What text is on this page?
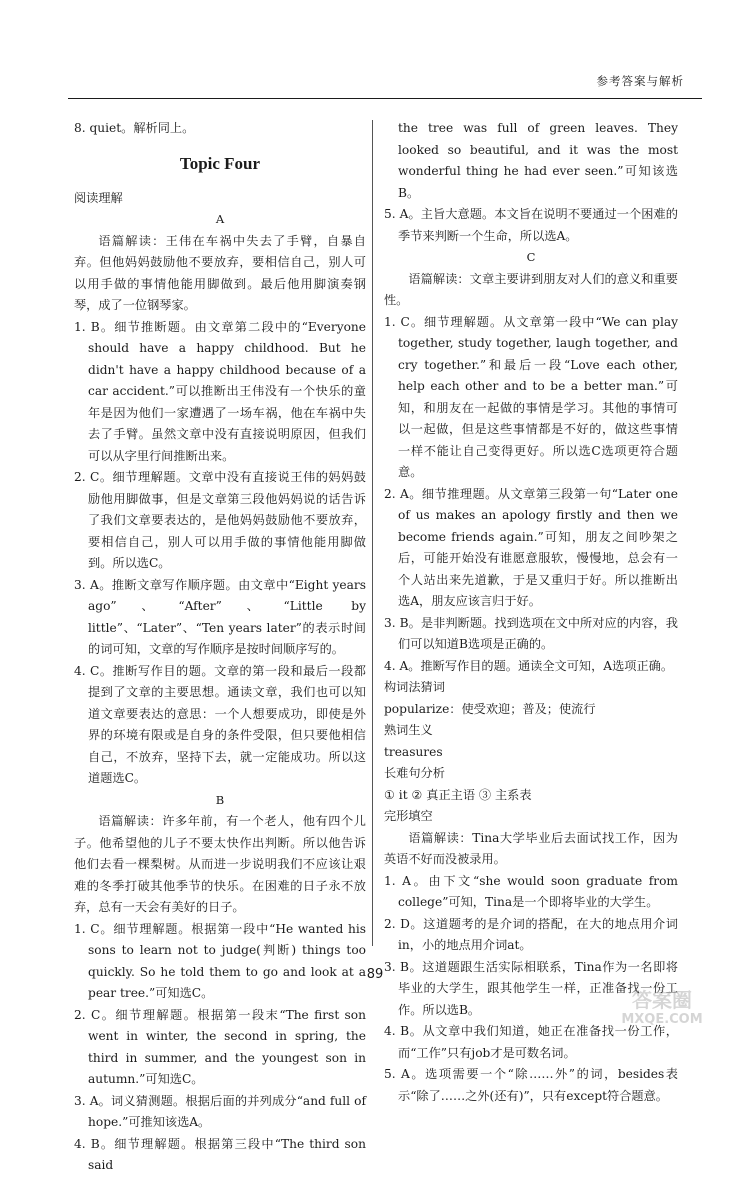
参考答案与解析

8. quiet。解析同上。

Topic Four

阅读理解

A

语篇解读：王伟在车祸中失去了手臂，自暴自弃。但他妈妈鼓励他不要放弃，要相信自己，别人可以用手做的事情他能用脚做到。最后他用脚演奏钢琴，成了一位钢琴家。

1. B。细节推断题。由文章第二段中的“Everyone should have a happy childhood. But he didn't have a happy childhood because of a car accident.”可以推断出王伟没有一个快乐的童年是因为他们一家遭遇了一场车祸，他在车祸中失去了手臂。虽然文章中没有直接说明原因，但我们可以从字里行间推断出来。

2. C。细节理解题。文章中没有直接说王伟的妈妈鼓励他用脚做事，但是文章第三段他妈妈说的话告诉了我们文章要表达的，是他妈妈鼓励他不要放弃，要相信自己，别人可以用手做的事情他能用脚做到。所以选C。

3. A。推断文章写作顺序题。由文章中“Eight years ago”、“After”、“Little by little”、“Later”、“Ten years later”的表示时间的词可知，文章的写作顺序是按时间顺序写的。

4. C。推断写作目的题。文章的第一段和最后一段都提到了文章的主要思想。通读文章，我们也可以知道文章要表达的意思：一个人想要成功，即使是外界的环境有限或是自身的条件受限，但只要他相信自己，不放弃，坚持下去，就一定能成功。所以这道题选C。

B

语篇解读：许多年前，有一个老人，他有四个儿子。他希望他的儿子不要太快作出判断。所以他告诉他们去看一棵梨树。从而进一步说明我们不应该让艰难的冬季打破其他季节的快乐。在困难的日子永不放弃，总有一天会有美好的日子。

1. C。细节理解题。根据第一段中“He wanted his sons to learn not to judge(判断) things too quickly. So he told them to go and look at a pear tree.”可知选C。

2. C。细节理解题。根据第一段末“The first son went in winter, the second in spring, the third in summer, and the youngest son in autumn.”可知选C。

3. A。词义猜测题。根据后面的并列成分“and full of hope.”可推知该选A。

4. B。细节理解题。根据第三段中“The third son said

the tree was full of green leaves. They looked so beautiful, and it was the most wonderful thing he had ever seen.”可知该选B。

5. A。主旨大意题。本文旨在说明不要通过一个困难的季节来判断一个生命，所以选A。

C

语篇解读：文章主要讲到朋友对人们的意义和重要性。

1. C。细节理解题。从文章第一段中“We can play together, study together, laugh together, and cry together.”和最后一段“Love each other, help each other and to be a better man.”可知，和朋友在一起做的事情是学习。其他的事情可以一起做，但是这些事情都是不好的，做这些事情一样不能让自己变得更好。所以选C选项更符合题意。

2. A。细节推理题。从文章第三段第一句“Later one of us makes an apology firstly and then we become friends again.”可知，朋友之间吵架之后，可能开始没有谁愿意服软，慢慢地，总会有一个人站出来先道歉，于是又重归于好。所以推断出选A，朋友应该言归于好。

3. B。是非判断题。找到选项在文中所对应的内容，我们可以知道B选项是正确的。

4. A。推断写作目的题。通读全文可知，A选项正确。

构词法猜词

popularize：使受欢迎；普及；使流行

熟词生义

treasures

长难句分析

① it ② 真正主语 ③ 主系表

完形填空

语篇解读：Tina大学毕业后去面试找工作，因为英语不好而没被录用。

1. A。由下文“she would soon graduate from college”可知，Tina是一个即将毕业的大学生。

2. D。这道题考的是介词的搭配，在大的地点用介词in，小的地点用介词at。

3. B。这道题跟生活实际相联系，Tina作为一名即将毕业的大学生，跟其他学生一样，正准备找一份工作。所以选B。

4. B。从文章中我们知道，她正在准备找一份工作，而“工作”只有job才是可数名词。

5. A。选项需要一个“除……外”的词，besides表示“除了……之外(还有)”，只有except符合题意。

89
答案圈
MXQE.COM
